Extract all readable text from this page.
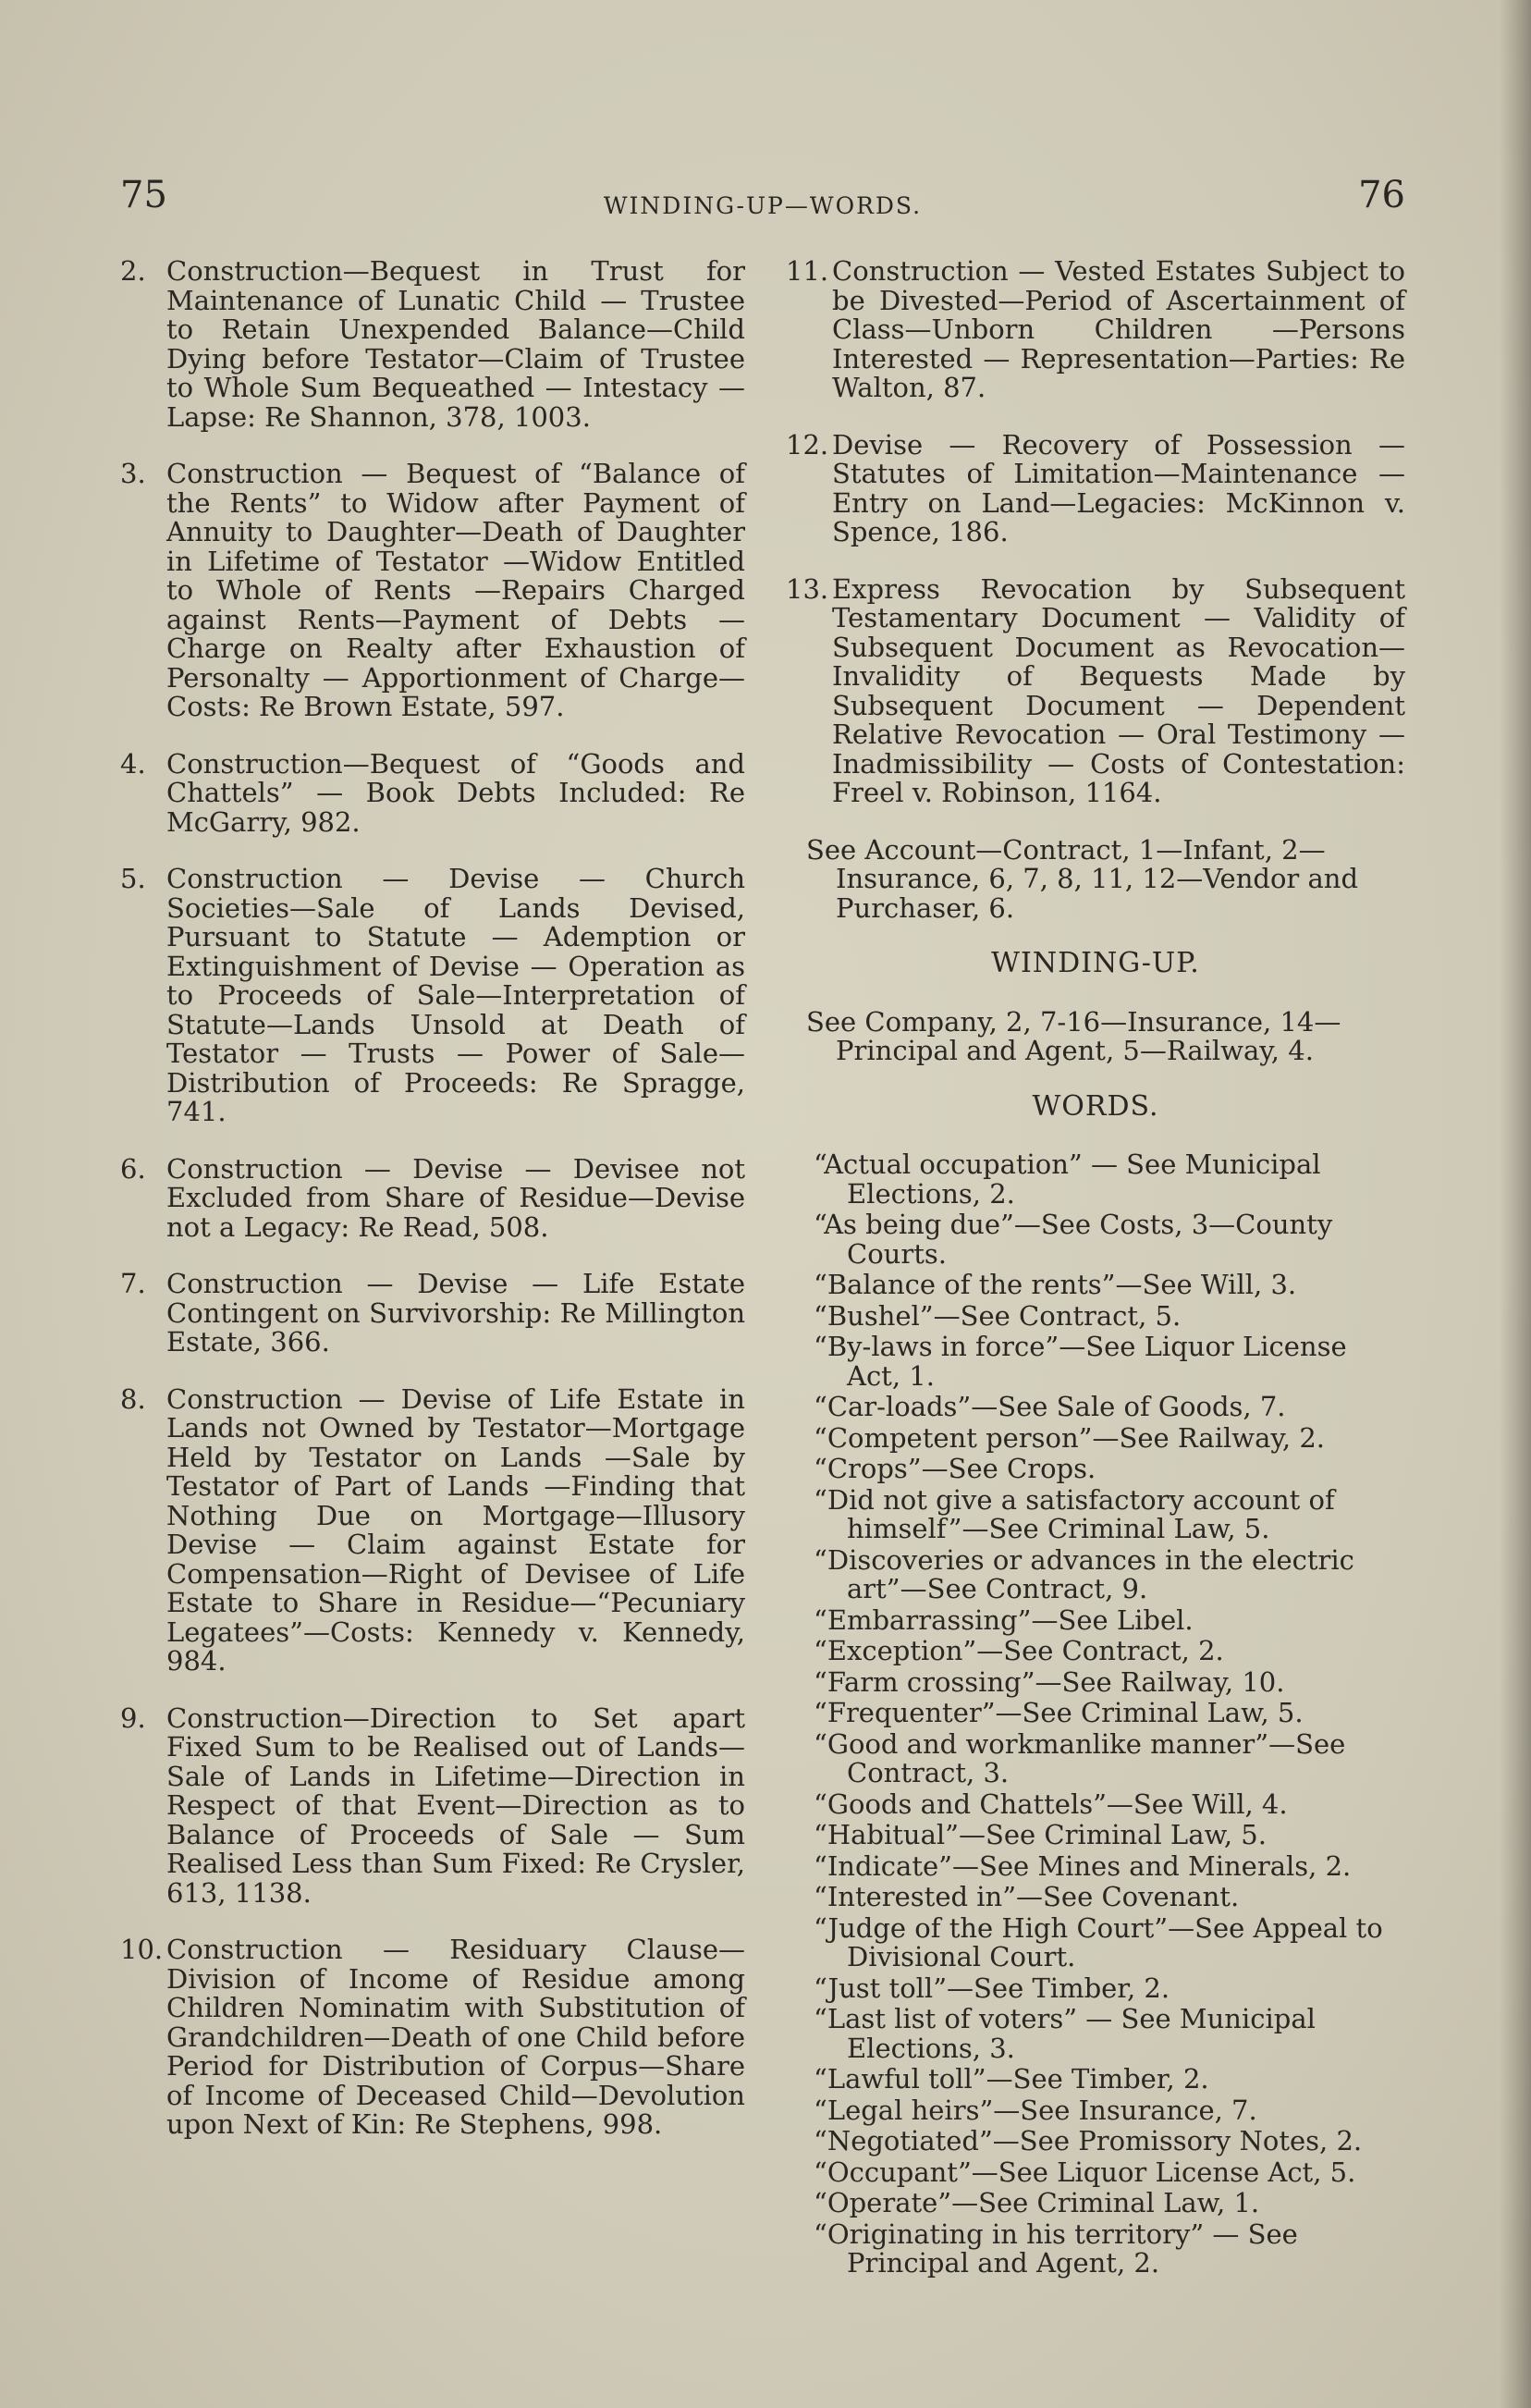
75	WINDING-UP—WORDS.	76
2. Construction—Bequest in Trust for Maintenance of Lunatic Child — Trustee to Retain Unexpended Balance—Child Dying before Testator—Claim of Trustee to Whole Sum Bequeathed — Intestacy — Lapse: Re Shannon, 378, 1003.
3. Construction — Bequest of “Balance of the Rents” to Widow after Payment of Annuity to Daughter—Death of Daughter in Lifetime of Testator —Widow Entitled to Whole of Rents —Repairs Charged against Rents—Payment of Debts — Charge on Realty after Exhaustion of Personalty — Apportionment of Charge—Costs: Re Brown Estate, 597.
4. Construction—Bequest of “Goods and Chattels” — Book Debts Included: Re McGarry, 982.
5. Construction — Devise — Church Societies—Sale of Lands Devised, Pursuant to Statute — Ademption or Extinguishment of Devise — Operation as to Proceeds of Sale—Interpretation of Statute—Lands Unsold at Death of Testator — Trusts — Power of Sale—Distribution of Proceeds: Re Spragge, 741.
6. Construction — Devise — Devisee not Excluded from Share of Residue—Devise not a Legacy: Re Read, 508.
7. Construction — Devise — Life Estate Contingent on Survivorship: Re Millington Estate, 366.
8. Construction — Devise of Life Estate in Lands not Owned by Testator—Mortgage Held by Testator on Lands —Sale by Testator of Part of Lands —Finding that Nothing Due on Mortgage—Illusory Devise — Claim against Estate for Compensation—Right of Devisee of Life Estate to Share in Residue—“Pecuniary Legatees”—Costs: Kennedy v. Kennedy, 984.
9. Construction—Direction to Set apart Fixed Sum to be Realised out of Lands—Sale of Lands in Lifetime—Direction in Respect of that Event—Direction as to Balance of Proceeds of Sale — Sum Realised Less than Sum Fixed: Re Crysler, 613, 1138.
10. Construction — Residuary Clause—Division of Income of Residue among Children Nominatim with Substitution of Grandchildren—Death of one Child before Period for Distribution of Corpus—Share of Income of Deceased Child—Devolution upon Next of Kin: Re Stephens, 998.
11. Construction — Vested Estates Subject to be Divested—Period of Ascertainment of Class—Unborn Children —Persons Interested — Representation—Parties: Re Walton, 87.
12. Devise — Recovery of Possession — Statutes of Limitation—Maintenance —Entry on Land—Legacies: McKinnon v. Spence, 186.
13. Express Revocation by Subsequent Testamentary Document — Validity of Subsequent Document as Revocation—Invalidity of Bequests Made by Subsequent Document — Dependent Relative Revocation — Oral Testimony — Inadmissibility — Costs of Contestation: Freel v. Robinson, 1164.
See Account—Contract, 1—Infant, 2—Insurance, 6, 7, 8, 11, 12—Vendor and Purchaser, 6.
WINDING-UP.
See Company, 2, 7-16—Insurance, 14—Principal and Agent, 5—Railway, 4.
WORDS.
“Actual occupation” — See Municipal Elections, 2.
“As being due”—See Costs, 3—County Courts.
“Balance of the rents”—See Will, 3.
“Bushel”—See Contract, 5.
“By-laws in force”—See Liquor License Act, 1.
“Car-loads”—See Sale of Goods, 7.
“Competent person”—See Railway, 2.
“Crops”—See Crops.
“Did not give a satisfactory account of himself”—See Criminal Law, 5.
“Discoveries or advances in the electric art”—See Contract, 9.
“Embarrassing”—See Libel.
“Exception”—See Contract, 2.
“Farm crossing”—See Railway, 10.
“Frequenter”—See Criminal Law, 5.
“Good and workmanlike manner”—See Contract, 3.
“Goods and Chattels”—See Will, 4.
“Habitual”—See Criminal Law, 5.
“Indicate”—See Mines and Minerals, 2.
“Interested in”—See Covenant.
“Judge of the High Court”—See Appeal to Divisional Court.
“Just toll”—See Timber, 2.
“Last list of voters” — See Municipal Elections, 3.
“Lawful toll”—See Timber, 2.
“Legal heirs”—See Insurance, 7.
“Negotiated”—See Promissory Notes, 2.
“Occupant”—See Liquor License Act, 5.
“Operate”—See Criminal Law, 1.
“Originating in his territory” — See Principal and Agent, 2.
